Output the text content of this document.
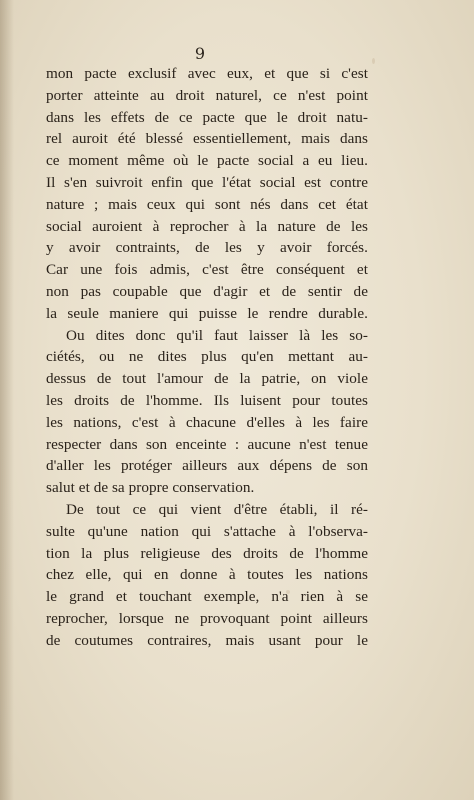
9
mon pacte exclusif avec eux, et que si c'est
porter atteinte au droit naturel, ce n'est point
dans les effets de ce pacte que le droit natu-
rel auroit été blessé essentiellement, mais dans
ce moment même où le pacte social a eu lieu.
Il s'en suivroit enfin que l'état social est contre
nature ; mais ceux qui sont nés dans cet état
social auroient à reprocher à la nature de les
y avoir contraints, de les y avoir forcés.
Car une fois admis, c'est être conséquent et
non pas coupable que d'agir et de sentir de
la seule maniere qui puisse le rendre durable.
Ou dites donc qu'il faut laisser là les so-
ciétés, ou ne dites plus qu'en mettant au-
dessus de tout l'amour de la patrie, on viole
les droits de l'homme. Ils luisent pour toutes
les nations, c'est à chacune d'elles à les faire
respecter dans son enceinte : aucune n'est tenue
d'aller les protéger ailleurs aux dépens de son
salut et de sa propre conservation.
De tout ce qui vient d'être établi, il ré-
sulte qu'une nation qui s'attache à l'observa-
tion la plus religieuse des droits de l'homme
chez elle, qui en donne à toutes les nations
le grand et touchant exemple, n'a rien à se
reprocher, lorsque ne provoquant point ailleurs
de coutumes contraires, mais usant pour le
